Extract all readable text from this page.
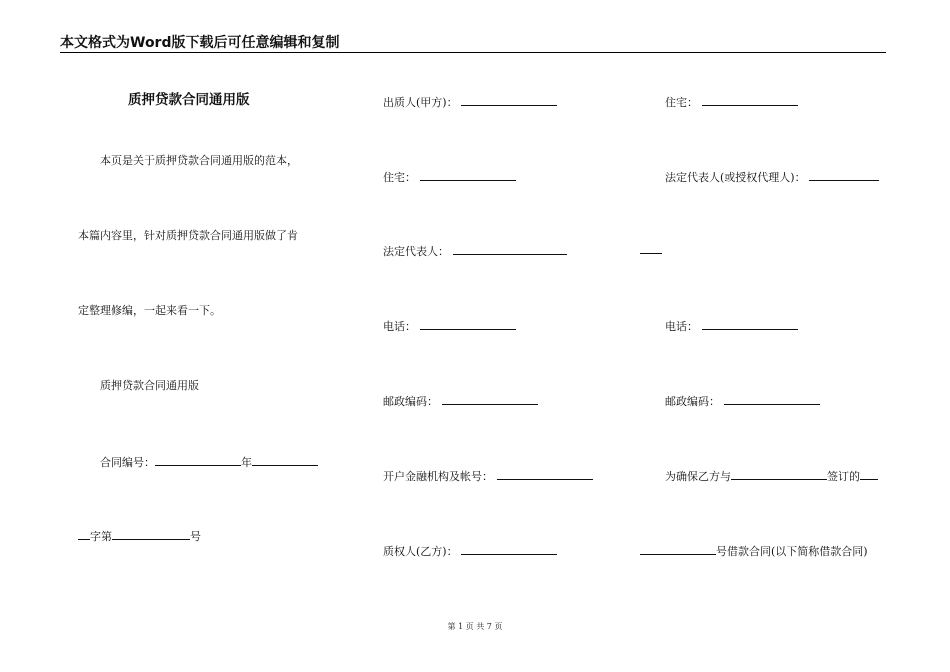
本文格式为Word版下载后可任意编辑和复制
质押贷款合同通用版
本页是关于质押贷款合同通用版的范本，
本篇内容里，针对质押贷款合同通用版做了肯
定整理修编，一起来看一下。
质押贷款合同通用版
合同编号：	年
字第	号
出质人(甲方)：
住宅：
法定代表人：
电话：
邮政编码：
开户金融机构及帐号：
质权人(乙方)：
住宅：
法定代表人(或授权代理人)：
电话：
邮政编码：
为确保乙方与	签订的
号借款合同(以下简称借款合同)
第 1 页 共 7 页
